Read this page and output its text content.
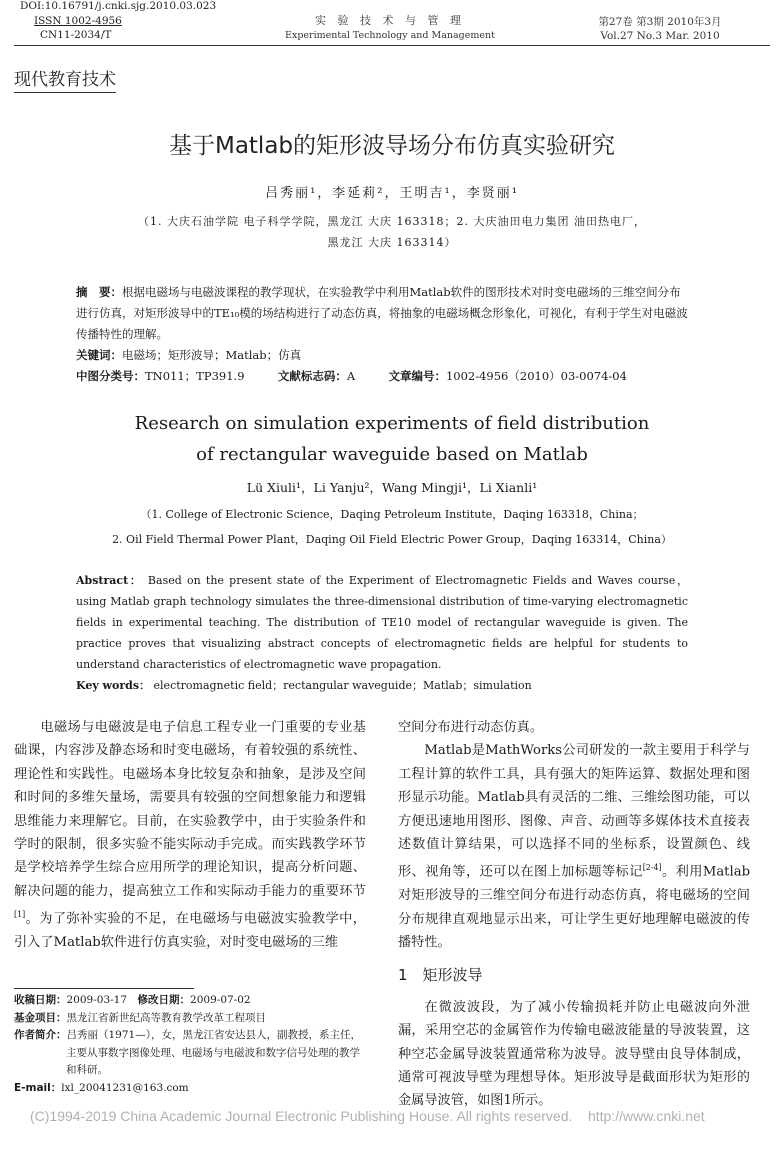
DOI:10.16791/j.cnki.sjg.2010.03.023
ISSN 1002-4956
CN11-2034/T
实 验 技 术 与 管 理
Experimental Technology and Management
第27卷 第3期 2010年3月
Vol.27 No.3 Mar. 2010
现代教育技术
基于Matlab的矩形波导场分布仿真实验研究
吕秀丽¹，李延莉²，王明吉¹，李贤丽¹
（1. 大庆石油学院 电子科学学院，黑龙江 大庆 163318；2. 大庆油田电力集团 油田热电厂，
黑龙江 大庆 163314）
摘　要：根据电磁场与电磁波课程的教学现状，在实验教学中利用Matlab软件的图形技术对时变电磁场的三维空间分布进行仿真，对矩形波导中的TE₁₀模的场结构进行了动态仿真，将抽象的电磁场概念形象化，可视化，有利于学生对电磁波传播特性的理解。
关键词：电磁场；矩形波导；Matlab；仿真
中图分类号：TN011；TP391.9	文献标志码：A	文章编号：1002-4956（2010）03-0074-04
Research on simulation experiments of field distribution
of rectangular waveguide based on Matlab
Lü Xiuli¹，Li Yanju²，Wang Mingji¹，Li Xianli¹
（1. College of Electronic Science，Daqing Petroleum Institute，Daqing 163318，China；
2. Oil Field Thermal Power Plant，Daqing Oil Field Electric Power Group，Daqing 163314，China）
Abstract： Based on the present state of the Experiment of Electromagnetic Fields and Waves course，using Matlab graph technology simulates the three-dimensional distribution of time-varying electromagnetic fields in experimental teaching. The distribution of TE10 model of rectangular waveguide is given. The practice proves that visualizing abstract concepts of electromagnetic fields are helpful for students to understand characteristics of electromagnetic wave propagation.
Key words： electromagnetic field；rectangular waveguide；Matlab；simulation

电磁场与电磁波是电子信息工程专业一门重要的专业基础课，内容涉及静态场和时变电磁场，有着较强的系统性、理论性和实践性。电磁场本身比较复杂和抽象，是涉及空间和时间的多维矢量场，需要具有较强的空间想象能力和逻辑思维能力来理解它。目前，在实验教学中，由于实验条件和学时的限制，很多实验不能实际动手完成。而实践教学环节是学校培养学生综合应用所学的理论知识，提高分析问题、解决问题的能力，提高独立工作和实际动手能力的重要环节[1]。为了弥补实验的不足，在电磁场与电磁波实验教学中，引入了Matlab软件进行仿真实验，对时变电磁场的三维

收稿日期：2009-03-17　 修改日期：2009-07-02
基金项目：黑龙江省新世纪高等教育教学改革工程项目
作者简介：吕秀丽（1971—），女，黑龙江省安达县人，副教授，系主任，主要从事数字图像处理、电磁场与电磁波和数字信号处理的教学和科研。
E-mail：lxl_20041231@163.com

空间分布进行动态仿真。

Matlab是MathWorks公司研发的一款主要用于科学与工程计算的软件工具，具有强大的矩阵运算、数据处理和图形显示功能。Matlab具有灵活的二维、三维绘图功能，可以方便迅速地用图形、图像、声音、动画等多媒体技术直接表述数值计算结果，可以选择不同的坐标系，设置颜色、线形、视角等，还可以在图上加标题等标记[2-4]。利用Matlab对矩形波导的三维空间分布进行动态仿真，将电磁场的空间分布规律直观地显示出来，可让学生更好地理解电磁波的传播特性。

1　矩形波导

在微波波段，为了减小传输损耗并防止电磁波向外泄漏，采用空芯的金属管作为传输电磁波能量的导波装置，这种空芯金属导波装置通常称为波导。波导壁由良导体制成，通常可视波导壁为理想导体。矩形波导是截面形状为矩形的金属导波管，如图1所示。

(C)1994-2019 China Academic Journal Electronic Publishing House. All rights reserved.    http://www.cnki.net
